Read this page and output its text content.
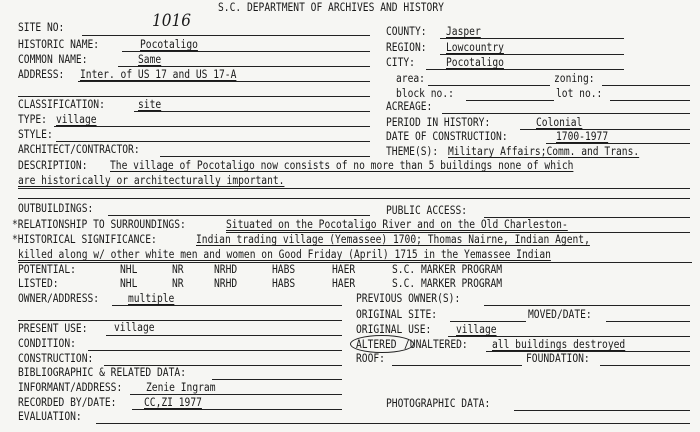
S.C. DEPARTMENT OF ARCHIVES AND HISTORY
SITE NO:	1016
COUNTY: Jasper
HISTORIC NAME:	Pocotaligo	REGION: Lowcountry
COMMON NAME:	Same	CITY:	Pocotaligo
ADDRESS: Inter. of US 17 and US 17-A	area:	zoning:
block no.:	lot no.:
CLASSIFICATION:	site	ACREAGE:
TYPE: village	PERIOD IN HISTORY:	Colonial
STYLE:	DATE OF CONSTRUCTION:	1700-1977
ARCHITECT/CONTRACTOR:	THEME(S): Military Affairs;Comm. and Trans.
DESCRIPTION: The village of Pocotaligo now consists of no more than 5 buildings none of which
are historically or architecturally important.
OUTBUILDINGS:	PUBLIC ACCESS:
*RELATIONSHIP TO SURROUNDINGS:	Situated on the Pocotaligo River and on the Old Charleston-
*HISTORICAL SIGNIFICANCE:	Indian trading village (Yemassee) 1700; Thomas Nairne, Indian Agent,
killed along w/ other white men and women on Good Friday (April) 1715 in the Yemassee Indian
POTENTIAL:	NHL	NR	NRHD	HABS	HAER	S.C. MARKER PROGRAM
LISTED:	NHL	NR	NRHD	HABS	HAER	S.C. MARKER PROGRAM
OWNER/ADDRESS:	multiple	PREVIOUS OWNER(S):
ORIGINAL SITE:	MOVED/DATE:
PRESENT USE: village	ORIGINAL USE: village
CONDITION:	ALTERED /UNALTERED: all buildings destroyed
CONSTRUCTION:	ROOF:	FOUNDATION:
BIBLIOGRAPHIC & RELATED DATA:
INFORMANT/ADDRESS: Zenie Ingram
RECORDED BY/DATE: CC,ZI 1977	PHOTOGRAPHIC DATA:
EVALUATION:
